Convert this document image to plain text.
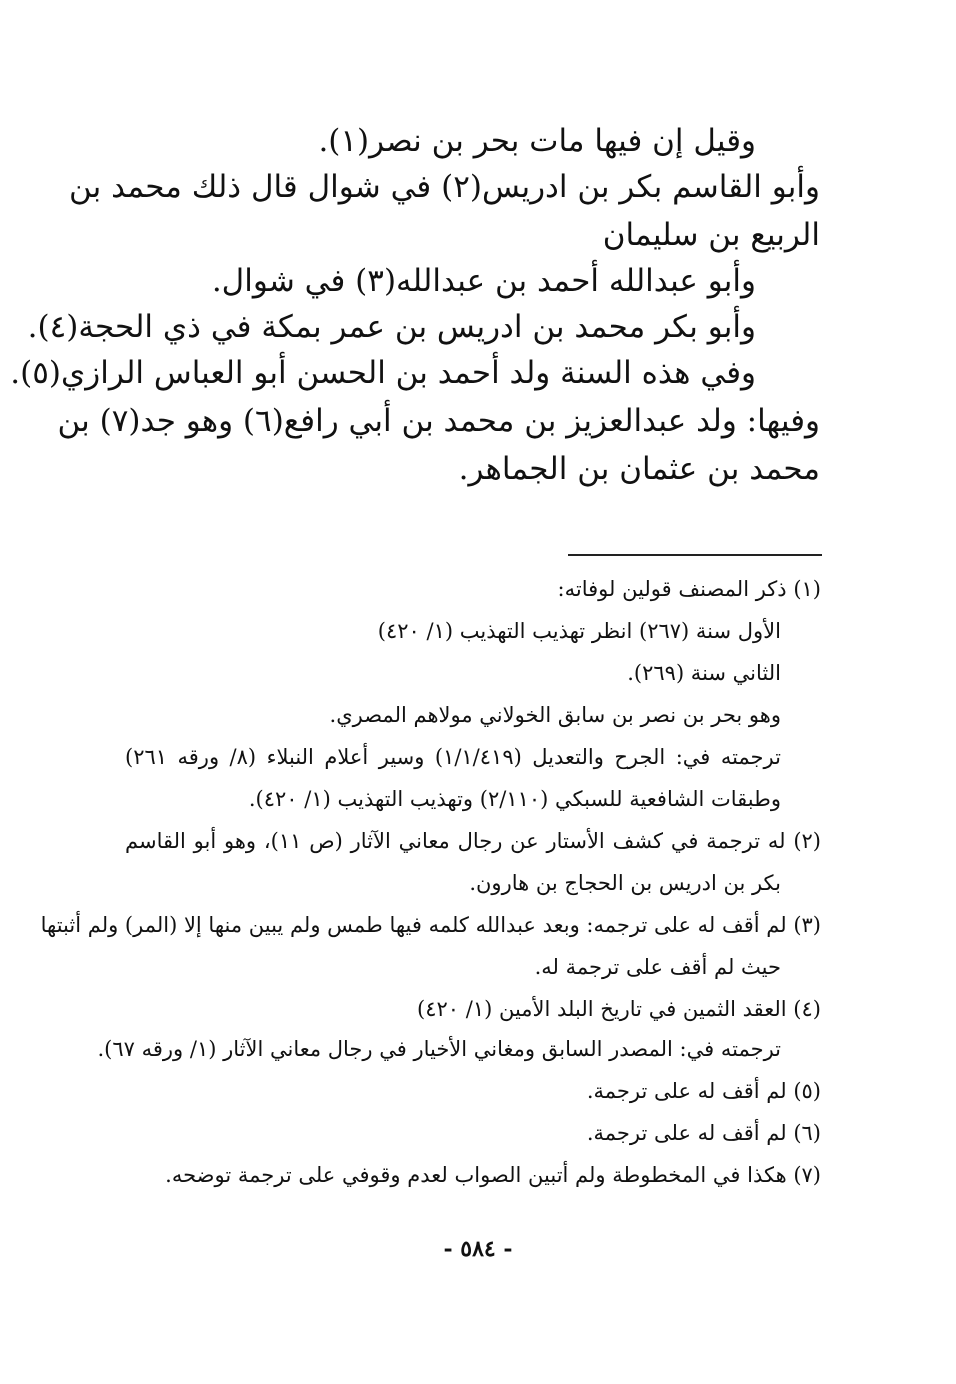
وقيل إن فيها مات بحر بن نصر(١).
وأبو القاسم بكر بن ادريس(٢) في شوال قال ذلك محمد بن
الربيع بن سليمان
وأبو عبدالله أحمد بن عبدالله(٣) في شوال.
وأبو بكر محمد بن ادريس بن عمر بمكة في ذي الحجة(٤).
وفي هذه السنة ولد أحمد بن الحسن أبو العباس الرازي(٥).
وفيها: ولد عبدالعزيز بن محمد بن أبي رافع(٦) وهو جد(٧) بن
محمد بن عثمان بن الجماهر.
(١) ذكر المصنف قولين لوفاته:
الأول سنة (٢٦٧) انظر تهذيب التهذيب (١/ ٤٢٠)
الثاني سنة (٢٦٩).
وهو بحر بن نصر بن سابق الخولاني مولاهم المصري.
ترجمته في: الجرح والتعديل (١/١/٤١٩) وسير أعلام النبلاء (٨/ ورقه ٢٦١)
وطبقات الشافعية للسبكي (٢/١١٠) وتهذيب التهذيب (١/ ٤٢٠).
(٢) له ترجمة في كشف الأستار عن رجال معاني الآثار (ص ١١)، وهو أبو القاسم
بكر بن ادريس بن الحجاج بن هارون.
(٣) لم أقف له على ترجمه: وبعد عبدالله كلمه فيها طمس ولم يبين منها إلا (المر) ولم أثبتها
حيث لم أقف على ترجمة له.
(٤) العقد الثمين في تاريخ البلد الأمين (١/ ٤٢٠)
ترجمته في: المصدر السابق ومغاني الأخيار في رجال معاني الآثار (١/ ورقه ٦٧).
(٥) لم أقف له على ترجمة.
(٦) لم أقف له على ترجمة.
(٧) هكذا في المخطوطة ولم أتبين الصواب لعدم وقوفي على ترجمة توضحه.
- ٥٨٤ -
